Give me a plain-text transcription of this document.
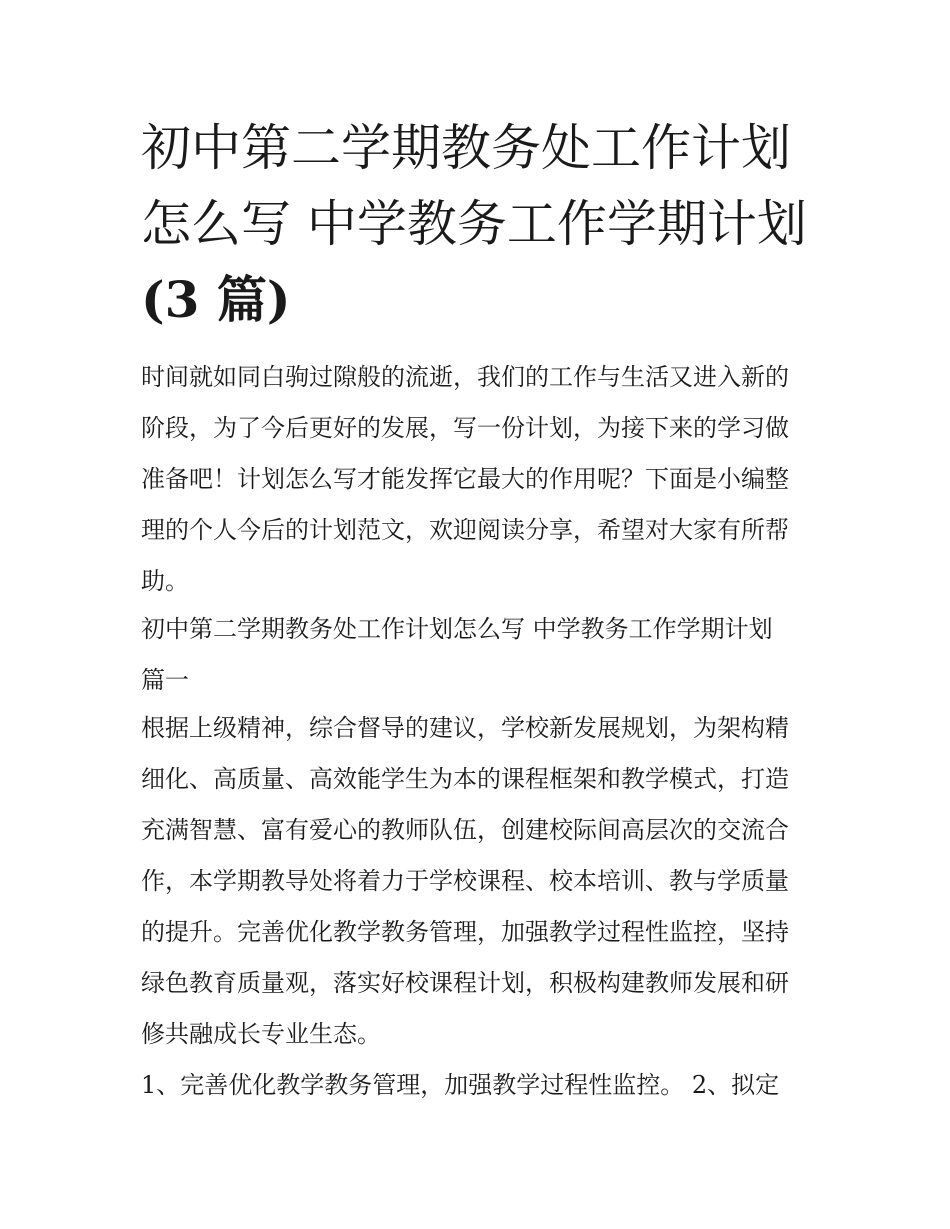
初中第二学期教务处工作计划
怎么写 中学教务工作学期计划
(3 篇)

时间就如同白驹过隙般的流逝，我们的工作与生活又进入新的
阶段，为了今后更好的发展，写一份计划，为接下来的学习做
准备吧！计划怎么写才能发挥它最大的作用呢？下面是小编整
理的个人今后的计划范文，欢迎阅读分享，希望对大家有所帮
助。

初中第二学期教务处工作计划怎么写 中学教务工作学期计划
篇一

根据上级精神，综合督导的建议，学校新发展规划，为架构精
细化、高质量、高效能学生为本的课程框架和教学模式，打造
充满智慧、富有爱心的教师队伍，创建校际间高层次的交流合
作，本学期教导处将着力于学校课程、校本培训、教与学质量
的提升。完善优化教学教务管理，加强教学过程性监控，坚持
绿色教育质量观，落实好校课程计划，积极构建教师发展和研
修共融成长专业生态。

1、完善优化教学教务管理，加强教学过程性监控。 2、拟定
